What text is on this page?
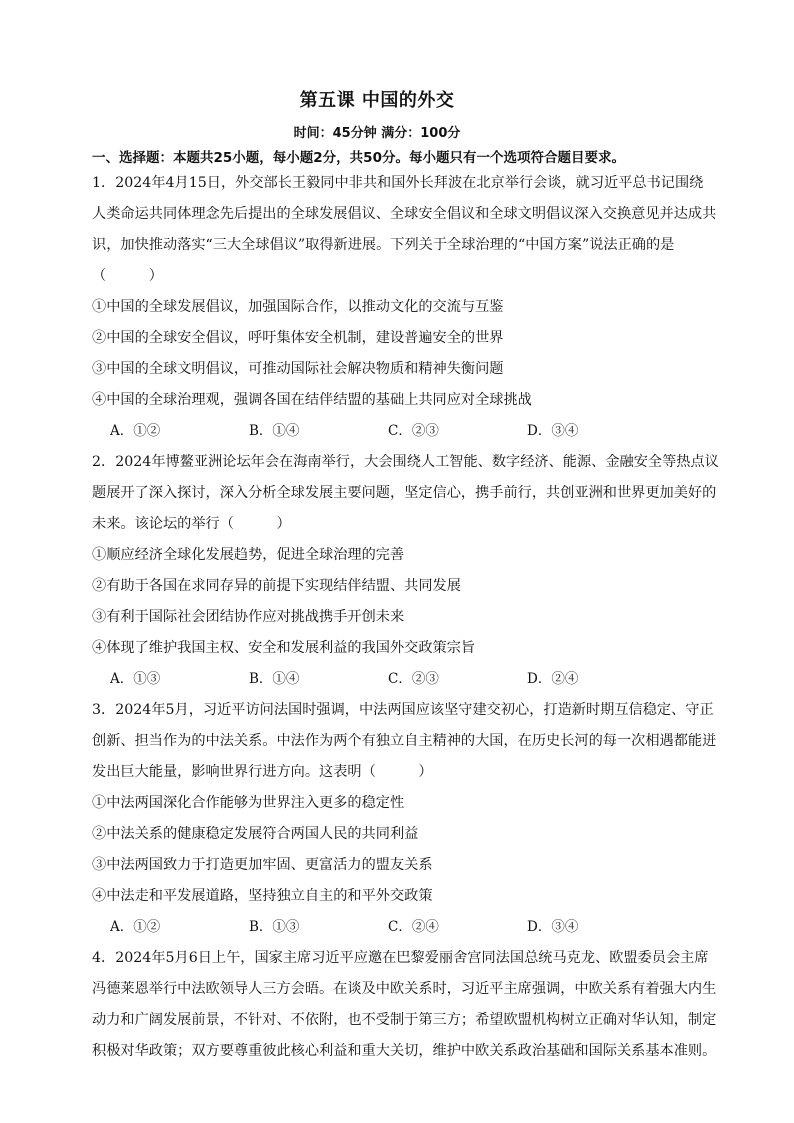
第五课 中国的外交
时间：45分钟 满分：100分
一、选择题：本题共25小题，每小题2分，共50分。每小题只有一个选项符合题目要求。
1．2024年4月15日，外交部长王毅同中非共和国外长拜波在北京举行会谈，就习近平总书记围绕
人类命运共同体理念先后提出的全球发展倡议、全球安全倡议和全球文明倡议深入交换意见并达成共
识，加快推动落实“三大全球倡议”取得新进展。下列关于全球治理的“中国方案”说法正确的是
（　　　）
①中国的全球发展倡议，加强国际合作，以推动文化的交流与互鉴
②中国的全球安全倡议，呼吁集体安全机制，建设普遍安全的世界
③中国的全球文明倡议，可推动国际社会解决物质和精神失衡问题
④中国的全球治理观，强调各国在结伴结盟的基础上共同应对全球挑战
A．①②	B．①④	C．②③	D．③④
2．2024年博鳌亚洲论坛年会在海南举行，大会围绕人工智能、数字经济、能源、金融安全等热点议
题展开了深入探讨，深入分析全球发展主要问题，坚定信心，携手前行，共创亚洲和世界更加美好的
未来。该论坛的举行（　　　）
①顺应经济全球化发展趋势，促进全球治理的完善
②有助于各国在求同存异的前提下实现结伴结盟、共同发展
③有利于国际社会团结协作应对挑战携手开创未来
④体现了维护我国主权、安全和发展利益的我国外交政策宗旨
A．①③	B．①④	C．②③	D．②④
3．2024年5月，习近平访问法国时强调，中法两国应该坚守建交初心，打造新时期互信稳定、守正
创新、担当作为的中法关系。中法作为两个有独立自主精神的大国，在历史长河的每一次相遇都能迸
发出巨大能量，影响世界行进方向。这表明（　　　）
①中法两国深化合作能够为世界注入更多的稳定性
②中法关系的健康稳定发展符合两国人民的共同利益
③中法两国致力于打造更加牢固、更富活力的盟友关系
④中法走和平发展道路，坚持独立自主的和平外交政策
A．①②	B．①③	C．②④	D．③④
4．2024年5月6日上午，国家主席习近平应邀在巴黎爱丽舍宫同法国总统马克龙、欧盟委员会主席
冯德莱恩举行中法欧领导人三方会晤。在谈及中欧关系时，习近平主席强调，中欧关系有着强大内生
动力和广阔发展前景，不针对、不依附，也不受制于第三方；希望欧盟机构树立正确对华认知，制定
积极对华政策；双方要尊重彼此核心利益和重大关切，维护中欧关系政治基础和国际关系基本准则。
